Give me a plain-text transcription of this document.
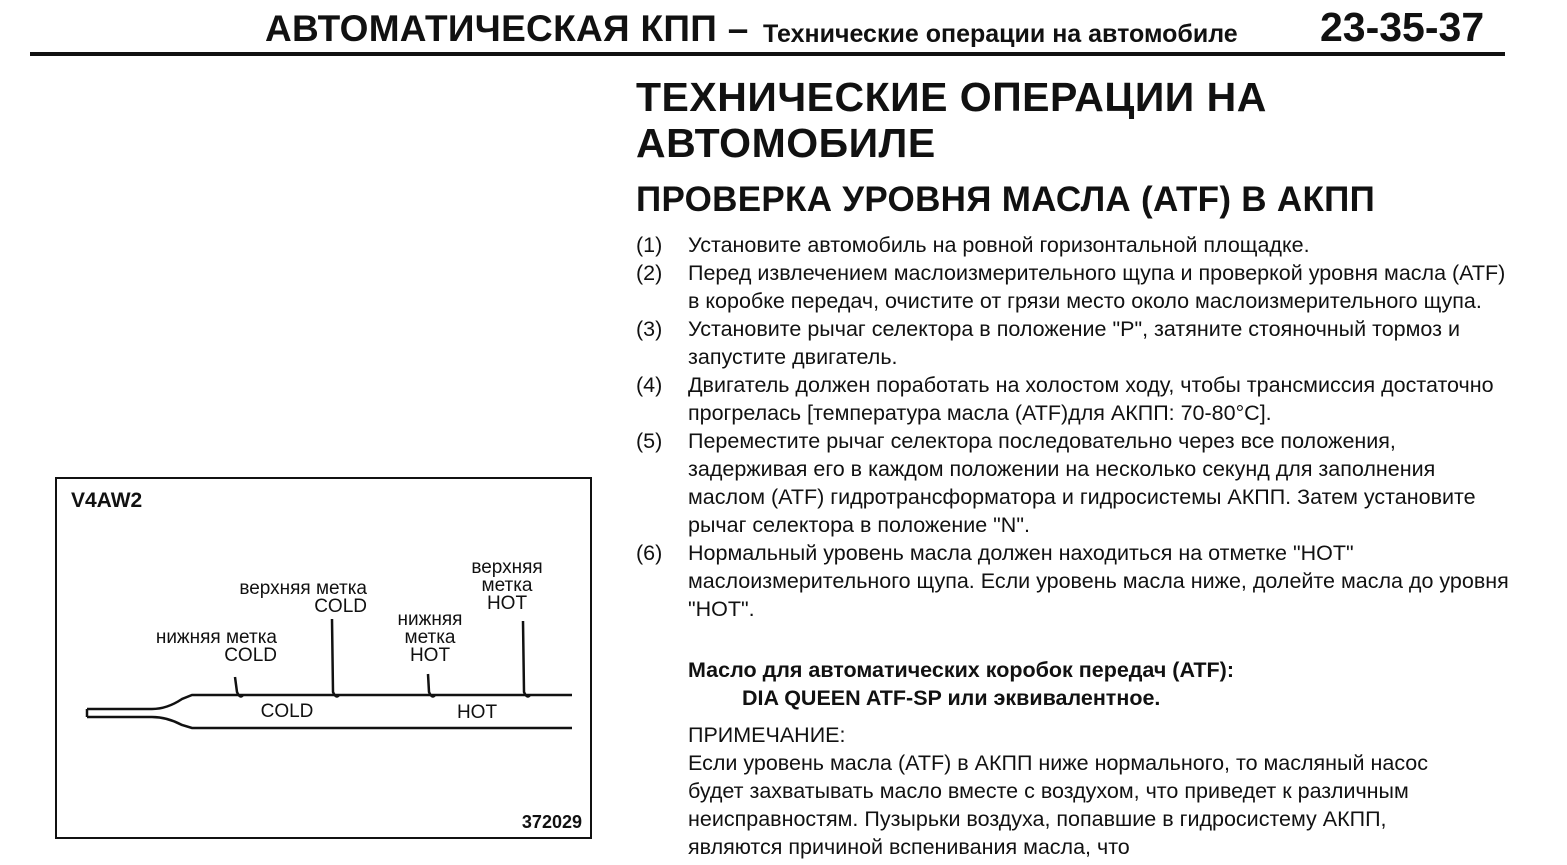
АВТОМАТИЧЕСКАЯ КПП – Технические операции на автомобиле 23-35-37
ТЕХНИЧЕСКИЕ ОПЕРАЦИИ НА АВТОМОБИЛЕ
ПРОВЕРКА УРОВНЯ МАСЛА (ATF) В АКПП
(1) Установите автомобиль на ровной горизонтальной площадке.
(2) Перед извлечением маслоизмерительного щупа и проверкой уровня масла (ATF) в коробке передач, очистите от грязи место около маслоизмерительного щупа.
(3) Установите рычаг селектора в положение "P", затяните стояночный тормоз и запустите двигатель.
(4) Двигатель должен поработать на холостом ходу, чтобы трансмиссия достаточно прогрелась [температура масла (ATF)для АКПП: 70-80°C].
(5) Переместите рычаг селектора последовательно через все положения, задерживая его в каждом положении на несколько секунд для заполнения маслом (ATF) гидротрансформатора и гидросистемы АКПП. Затем установите рычаг селектора в положение "N".
(6) Нормальный уровень масла должен находиться на отметке "HOT" маслоизмерительного щупа. Если уровень масла ниже, долейте масла до уровня "HOT".
Масло для автоматических коробок передач (ATF):
DIA QUEEN ATF-SP или эквивалентное.
ПРИМЕЧАНИЕ:
Если уровень масла (ATF) в АКПП ниже нормального, то масляный насос будет захватывать масло вместе с воздухом, что приведет к различным неисправностям. Пузырьки воздуха, попавшие в гидросистему АКПП, являются причиной вспенивания масла, что
V4AW2
нижняя метка
COLD
верхняя метка
COLD
нижняя
метка
HOT
верхняя
метка
HOT
COLD	HOT
372029
